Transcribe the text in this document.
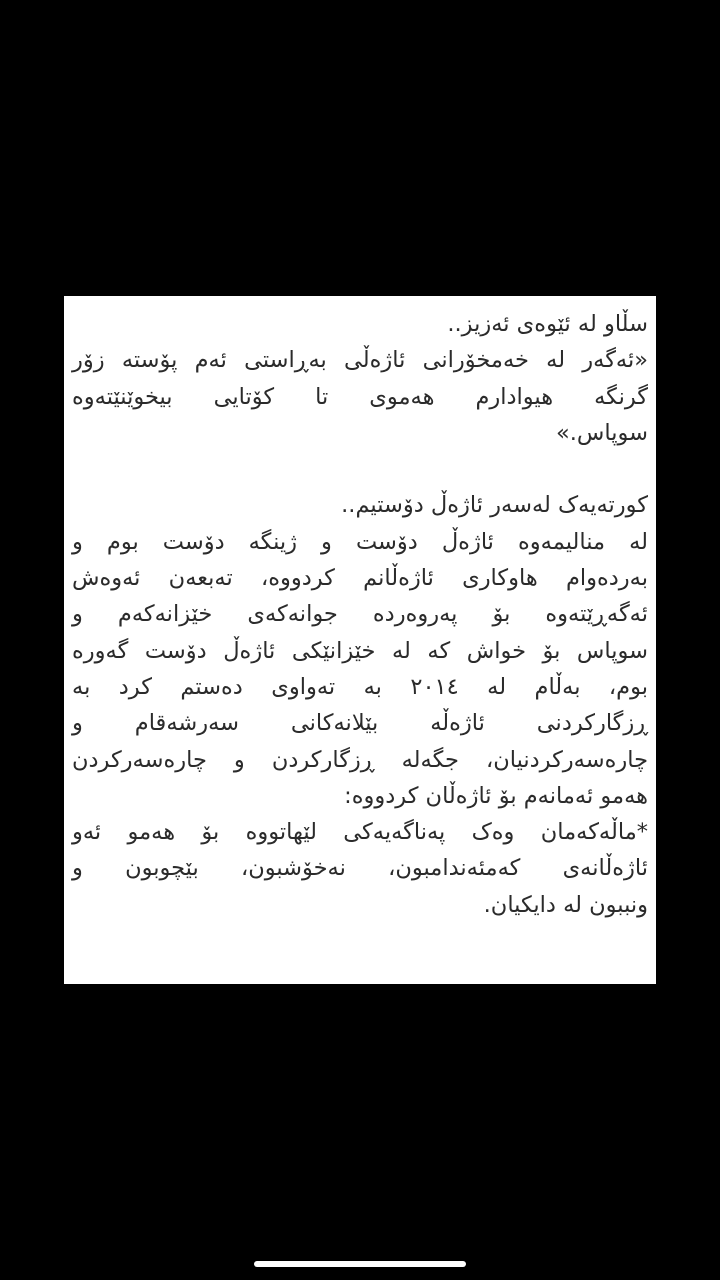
سڵاو لە ئێوەی ئەزیز..
«ئەگەر لە خەمخۆرانی ئاژەڵی بەڕاستی ئەم پۆستە زۆر
گرنگە هیوادارم هەموی تا کۆتایی بیخوێنێتەوە
سوپاس.»
کورتەیەک لەسەر ئاژەڵ دۆستیم..
لە منالیمەوە ئاژەڵ دۆست و ژینگە دۆست بوم و
بەردەوام هاوکاری ئاژەڵانم کردووە، تەبعەن ئەوەش
ئەگەڕێتەوە بۆ پەروەردە جوانەکەی خێزانەکەم و
سوپاس بۆ خواش کە لە خێزانێکی ئاژەڵ دۆست گەورە
بوم، بەڵام لە ٢٠١٤ بە تەواوی دەستم کرد بە
ڕزگارکردنی ئاژەڵە بێلانەکانی سەرشەقام و
چارەسەرکردنیان، جگەلە ڕزگارکردن و چارەسەرکردن
هەمو ئەمانەم بۆ ئاژەڵان کردووە:
*ماڵەکەمان وەک پەناگەیەکی لێهاتووە بۆ هەمو ئەو
ئاژەڵانەی کەمئەندامبون، نەخۆشبون، بێچوبون و
ونببون لە دایکیان.
